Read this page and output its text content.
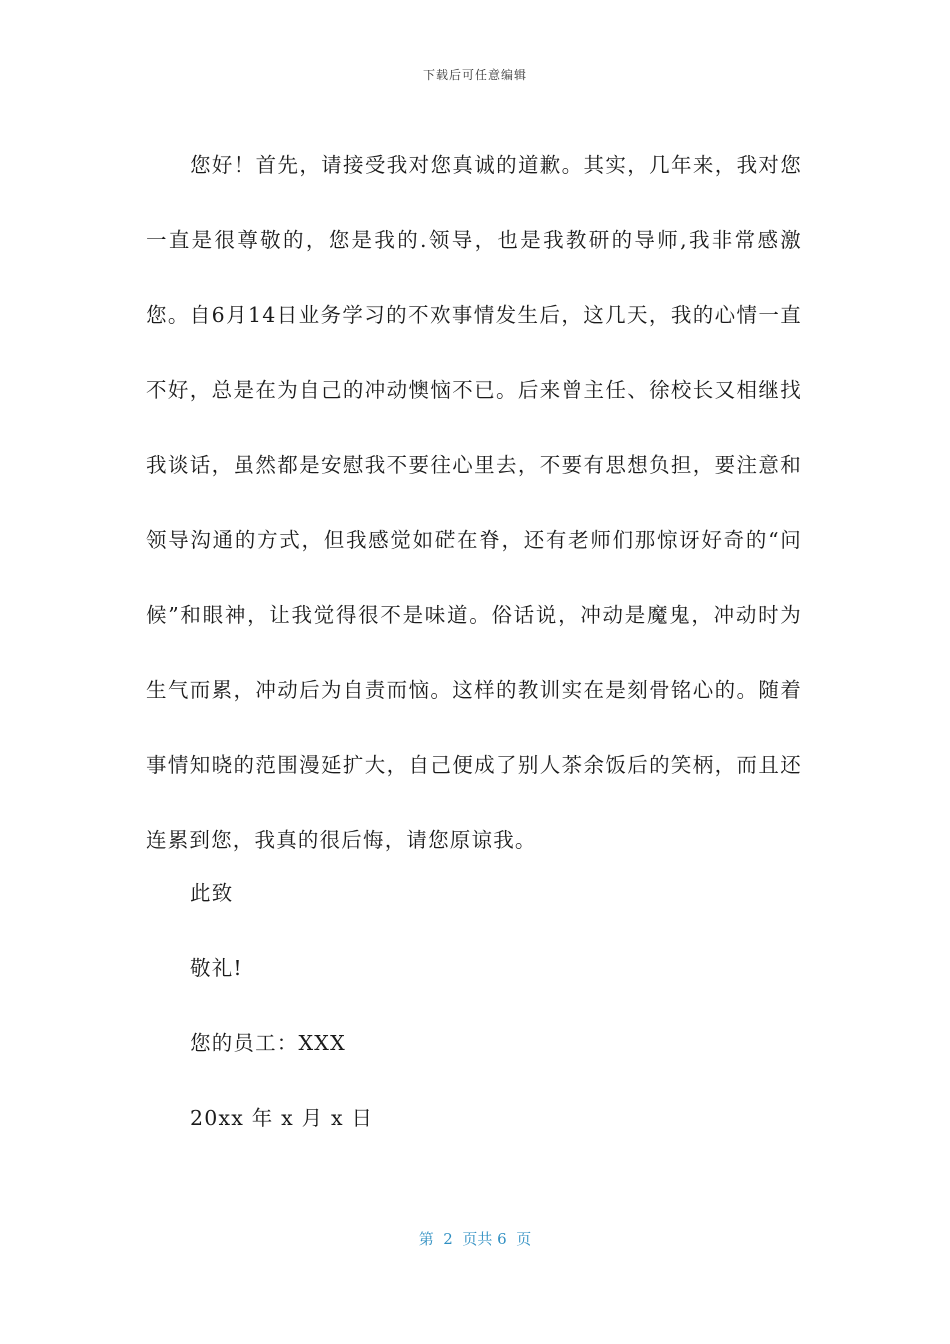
下载后可任意编辑

您好！首先，请接受我对您真诚的道歉。其实，几年来，我对您一直是很尊敬的，您是我的.领导，也是我教研的导师,我非常感激您。自6月14日业务学习的不欢事情发生后，这几天，我的心情一直不好，总是在为自己的冲动懊恼不已。后来曾主任、徐校长又相继找我谈话，虽然都是安慰我不要往心里去，不要有思想负担，要注意和领导沟通的方式，但我感觉如硭在脊，还有老师们那惊讶好奇的“问候”和眼神，让我觉得很不是味道。俗话说，冲动是魔鬼，冲动时为生气而累，冲动后为自责而恼。这样的教训实在是刻骨铭心的。随着事情知晓的范围漫延扩大，自己便成了别人茶余饭后的笑柄，而且还连累到您，我真的很后悔，请您原谅我。

此致

敬礼!

您的员工：XXX

20xx 年 x 月 x 日

第  2  页共 6  页
